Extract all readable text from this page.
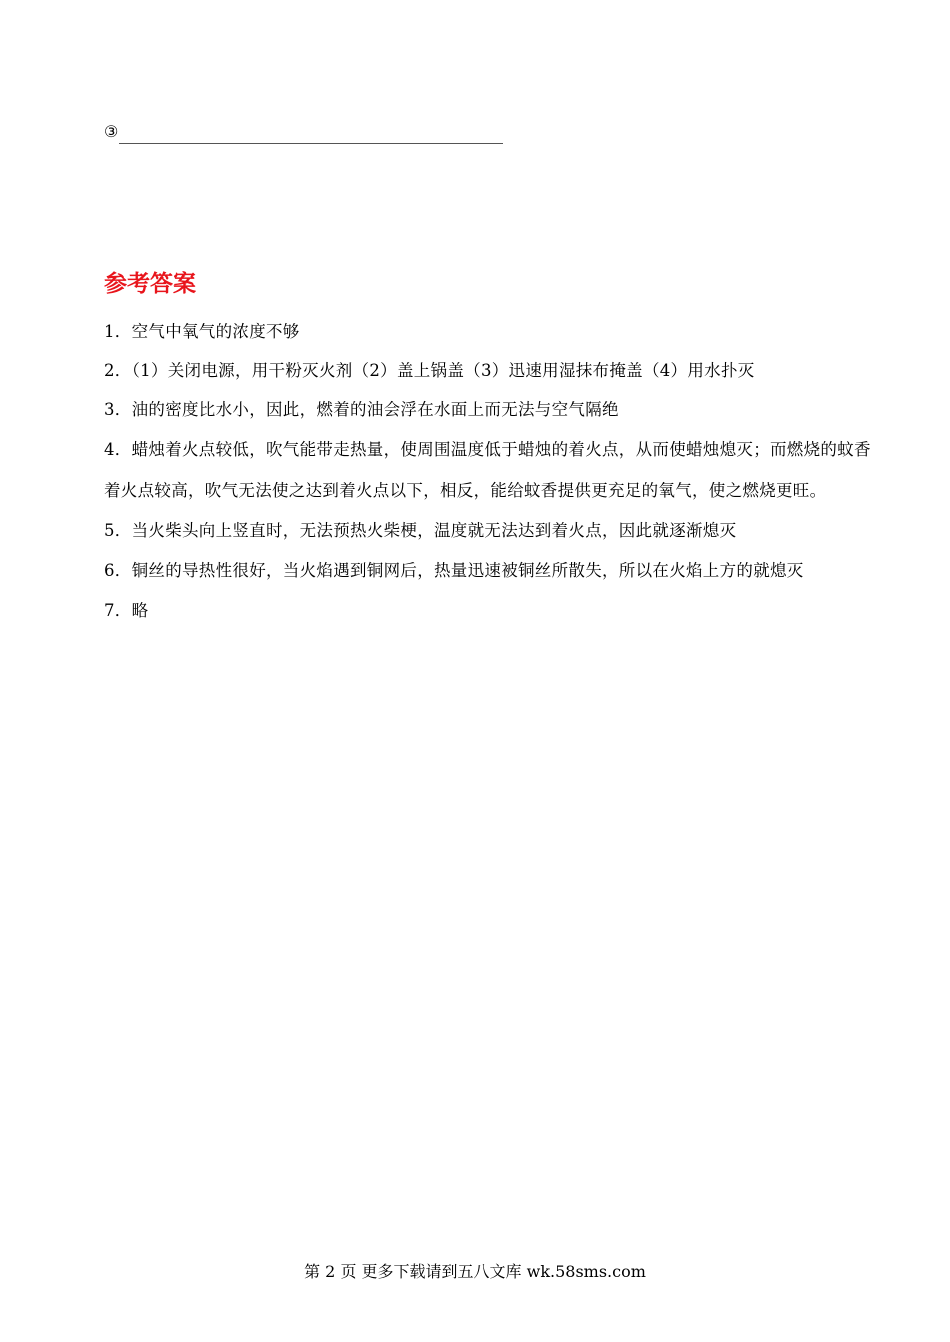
③
参考答案
1．空气中氧气的浓度不够
2．（1）关闭电源，用干粉灭火剂（2）盖上锅盖（3）迅速用湿抹布掩盖（4）用水扑灭
3．油的密度比水小，因此，燃着的油会浮在水面上而无法与空气隔绝
4．蜡烛着火点较低，吹气能带走热量，使周围温度低于蜡烛的着火点，从而使蜡烛熄灭；而燃烧的蚊香着火点较高，吹气无法使之达到着火点以下，相反，能给蚊香提供更充足的氧气，使之燃烧更旺。
5．当火柴头向上竖直时，无法预热火柴梗，温度就无法达到着火点，因此就逐渐熄灭
6．铜丝的导热性很好，当火焰遇到铜网后，热量迅速被铜丝所散失，所以在火焰上方的就熄灭
7．略
第 2 页 更多下载请到五八文库 wk.58sms.com
